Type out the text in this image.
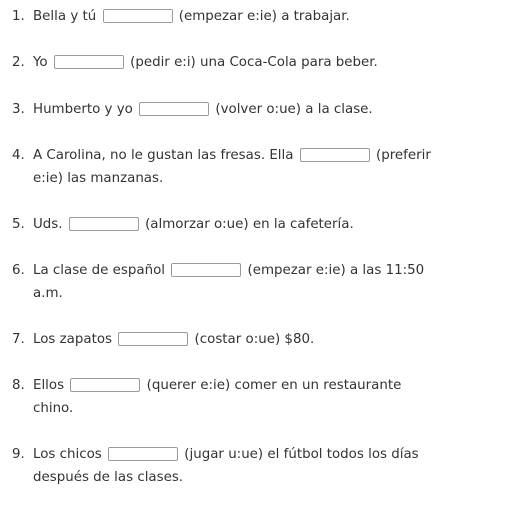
1. Bella y tú	(empezar e:ie) a trabajar.
2. Yo	(pedir e:i) una Coca-Cola para beber.
3. Humberto y yo	(volver o:ue) a la clase.
4. A Carolina, no le gustan las fresas. Ella	(preferir
e:ie) las manzanas.
5. Uds.	(almorzar o:ue) en la cafetería.
6. La clase de español	(empezar e:ie) a las 11:50
a.m.
7. Los zapatos	(costar o:ue) $80.
8. Ellos	(querer e:ie) comer en un restaurante
chino.
9. Los chicos	(jugar u:ue) el fútbol todos los días
después de las clases.
